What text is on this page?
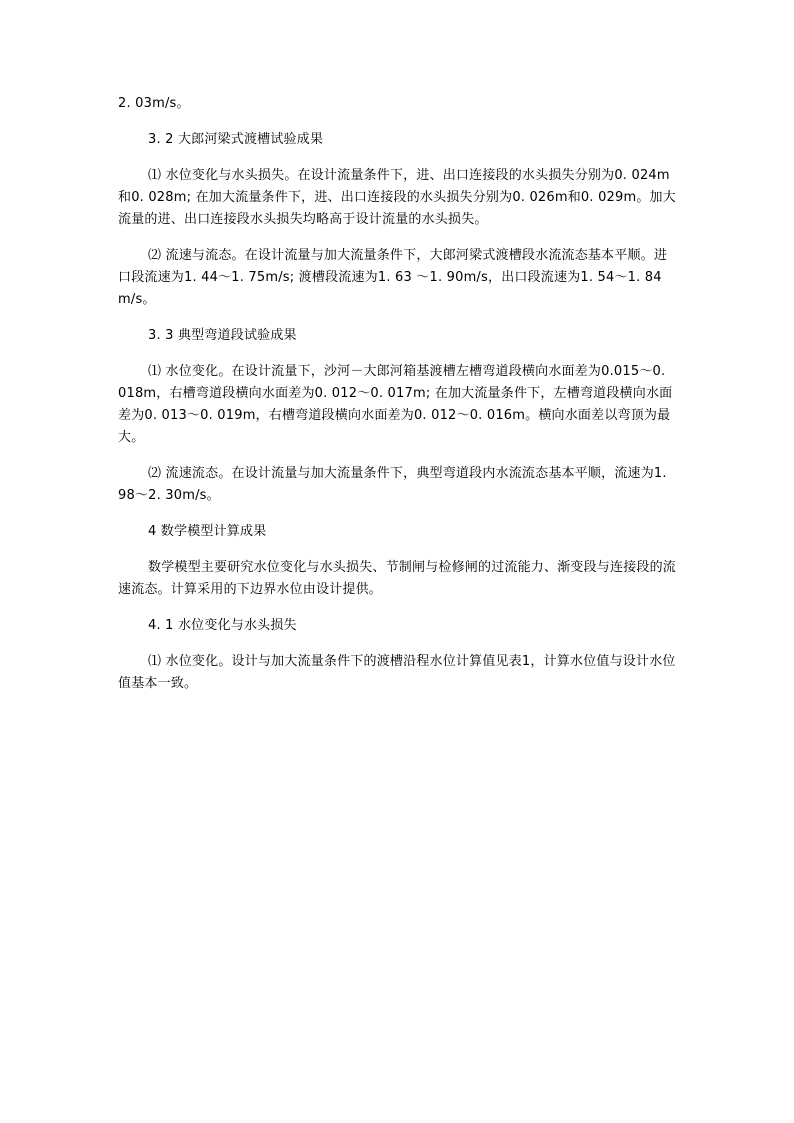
2. 03m/s。

3. 2 大郎河梁式渡槽试验成果

⑴ 水位变化与水头损失。在设计流量条件下，进、出口连接段的水头损失分别为0. 024m和0. 028m; 在加大流量条件下，进、出口连接段的水头损失分别为0. 026m和0. 029m。加大流量的进、出口连接段水头损失均略高于设计流量的水头损失。

⑵ 流速与流态。在设计流量与加大流量条件下，大郎河梁式渡槽段水流流态基本平顺。进口段流速为1. 44～1. 75m/s; 渡槽段流速为1. 63 ～1. 90m/s，出口段流速为1. 54～1. 84m/s。

3. 3 典型弯道段试验成果

⑴ 水位变化。在设计流量下，沙河－大郎河箱基渡槽左槽弯道段横向水面差为0.015～0. 018m，右槽弯道段横向水面差为0. 012～0. 017m; 在加大流量条件下，左槽弯道段横向水面差为0. 013～0. 019m，右槽弯道段横向水面差为0. 012～0. 016m。横向水面差以弯顶为最大。

⑵ 流速流态。在设计流量与加大流量条件下，典型弯道段内水流流态基本平顺，流速为1. 98～2. 30m/s。

4 数学模型计算成果

数学模型主要研究水位变化与水头损失、节制闸与检修闸的过流能力、渐变段与连接段的流速流态。计算采用的下边界水位由设计提供。

4. 1 水位变化与水头损失

⑴ 水位变化。设计与加大流量条件下的渡槽沿程水位计算值见表1，计算水位值与设计水位值基本一致。
